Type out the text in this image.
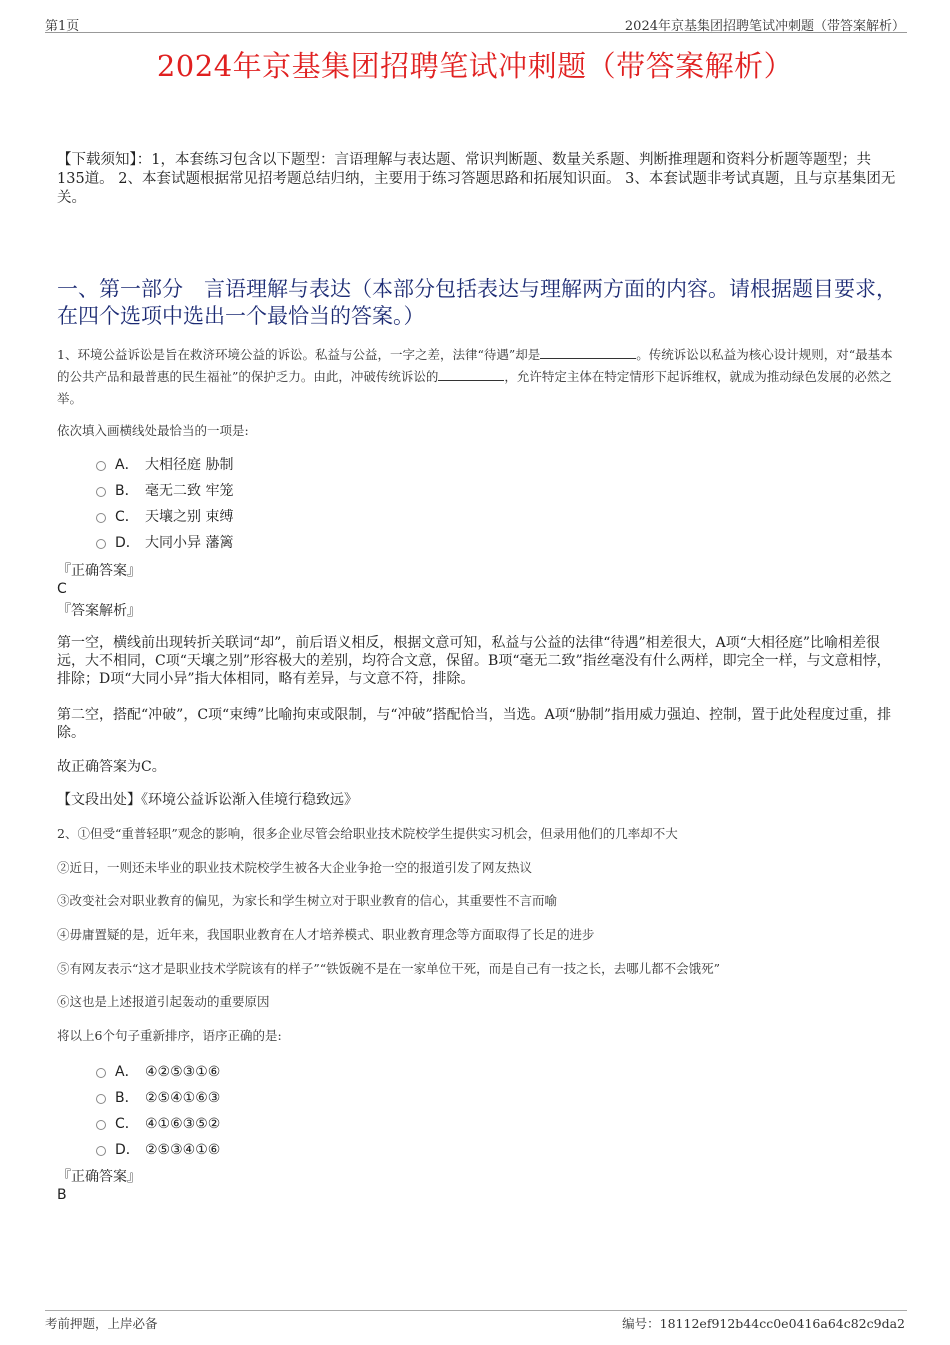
第1页	2024年京基集团招聘笔试冲刺题（带答案解析）
2024年京基集团招聘笔试冲刺题（带答案解析）
【下载须知】：1，本套练习包含以下题型：言语理解与表达题、常识判断题、数量关系题、判断推理题和资料分析题等题型；共135道。 2、本套试题根据常见招考题总结归纳，主要用于练习答题思路和拓展知识面。 3、本套试题非考试真题，且与京基集团无关。
一、第一部分　言语理解与表达（本部分包括表达与理解两方面的内容。请根据题目要求，在四个选项中选出一个最恰当的答案。）
1、环境公益诉讼是旨在救济环境公益的诉讼。私益与公益，一字之差，法律“待遇”却是	。传统诉讼以私益为核心设计规则，对“最基本的公共产品和最普惠的民生福祉”的保护乏力。由此，冲破传统诉讼的	，允许特定主体在特定情形下起诉维权，就成为推动绿色发展的必然之举。
依次填入画横线处最恰当的一项是:
A． 大相径庭 胁制
B． 毫无二致 牢笼
C． 天壤之别 束缚
D． 大同小异 藩篱
『正确答案』
C
『答案解析』
第一空，横线前出现转折关联词“却”，前后语义相反，根据文意可知，私益与公益的法律“待遇”相差很大，A项“大相径庭”比喻相差很远，大不相同，C项“天壤之别”形容极大的差别，均符合文意，保留。B项“毫无二致”指丝毫没有什么两样，即完全一样，与文意相悖，排除；D项“大同小异”指大体相同，略有差异，与文意不符，排除。
第二空，搭配“冲破”，C项“束缚”比喻拘束或限制，与“冲破”搭配恰当，当选。A项“胁制”指用威力强迫、控制，置于此处程度过重，排除。
故正确答案为C。
【文段出处】《环境公益诉讼渐入佳境行稳致远》
2、①但受“重普轻职”观念的影响，很多企业尽管会给职业技术院校学生提供实习机会，但录用他们的几率却不大
②近日，一则还未毕业的职业技术院校学生被各大企业争抢一空的报道引发了网友热议
③改变社会对职业教育的偏见，为家长和学生树立对于职业教育的信心，其重要性不言而喻
④毋庸置疑的是，近年来，我国职业教育在人才培养模式、职业教育理念等方面取得了长足的进步
⑤有网友表示“这才是职业技术学院该有的样子”“铁饭碗不是在一家单位干死，而是自己有一技之长，去哪儿都不会饿死”
⑥这也是上述报道引起轰动的重要原因
将以上6个句子重新排序，语序正确的是:
A． ④②⑤③①⑥
B． ②⑤④①⑥③
C． ④①⑥③⑤②
D． ②⑤③④①⑥
『正确答案』
B
考前押题，上岸必备	编号：18112ef912b44cc0e0416a64c82c9da2
